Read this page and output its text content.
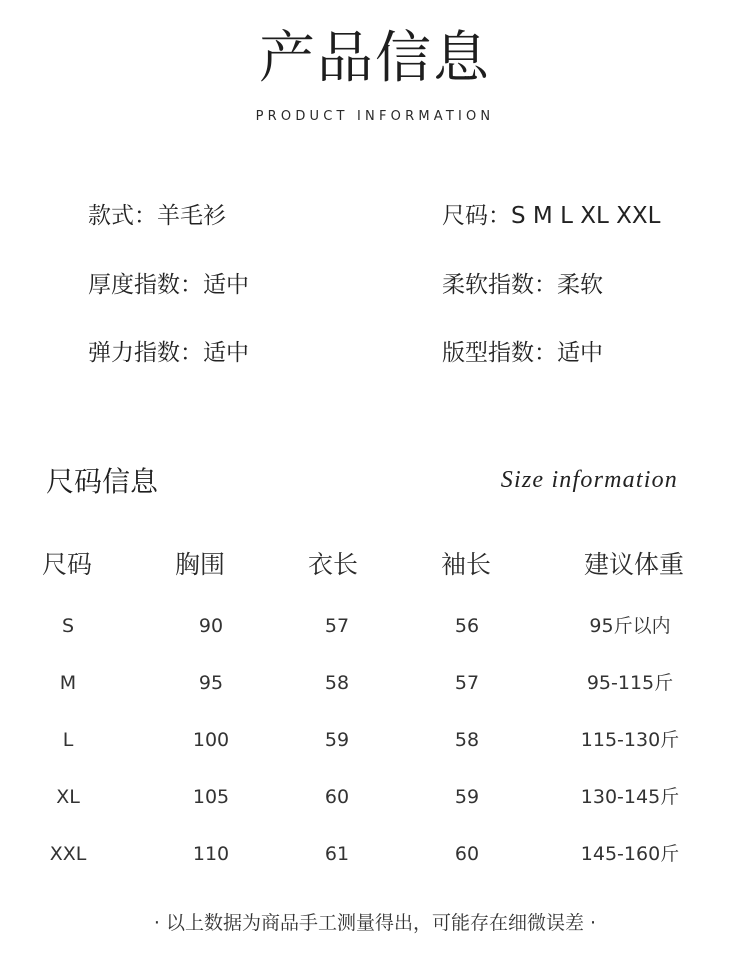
产品信息
PRODUCT INFORMATION
款式：羊毛衫	尺码：S M L XL XXL
厚度指数：适中	柔软指数：柔软
弹力指数：适中	版型指数：适中
尺码信息	Size information
尺码	胸围	衣长	袖长	建议体重
S	90	57	56	95斤以内
M	95	58	57	95-115斤
L	100	59	58	115-130斤
XL	105	60	59	130-145斤
XXL	110	61	60	145-160斤
· 以上数据为商品手工测量得出，可能存在细微误差 ·
